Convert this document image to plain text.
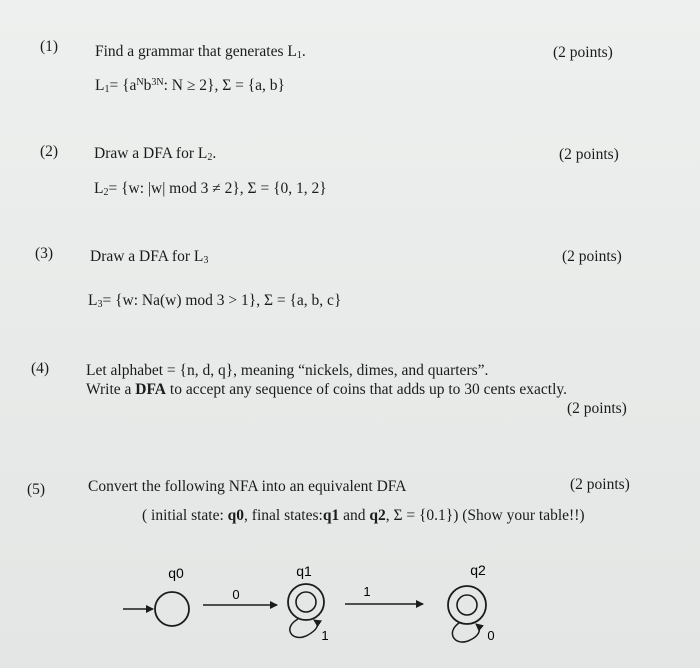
(1) Find a grammar that generates $L_1$.	(2 points)
$L_1= \{a^Nb^{3N}$: N ≥ 2}, Σ = {a, b}
(2) Draw a DFA for $L_2$.	(2 points)
$L_2= \{w$: |w| mod 3 ≠ 2}, Σ = {0, 1, 2}
(3) Draw a DFA for $L_3$	(2 points)
$L_3= \{w$: Na(w) mod 3 > 1}, Σ = {a, b, c}
(4) Let alphabet = {n, d, q}, meaning “nickels, dimes, and quarters”.
Write a DFA to accept any sequence of coins that adds up to 30 cents exactly.
(2 points)
(5)	Convert the following NFA into an equivalent DFA	(2 points)
( initial state: q0, final states:q1 and q2, Σ = {0.1}) (Show your table!!)
q0
0
q1
1
1
q2
0
